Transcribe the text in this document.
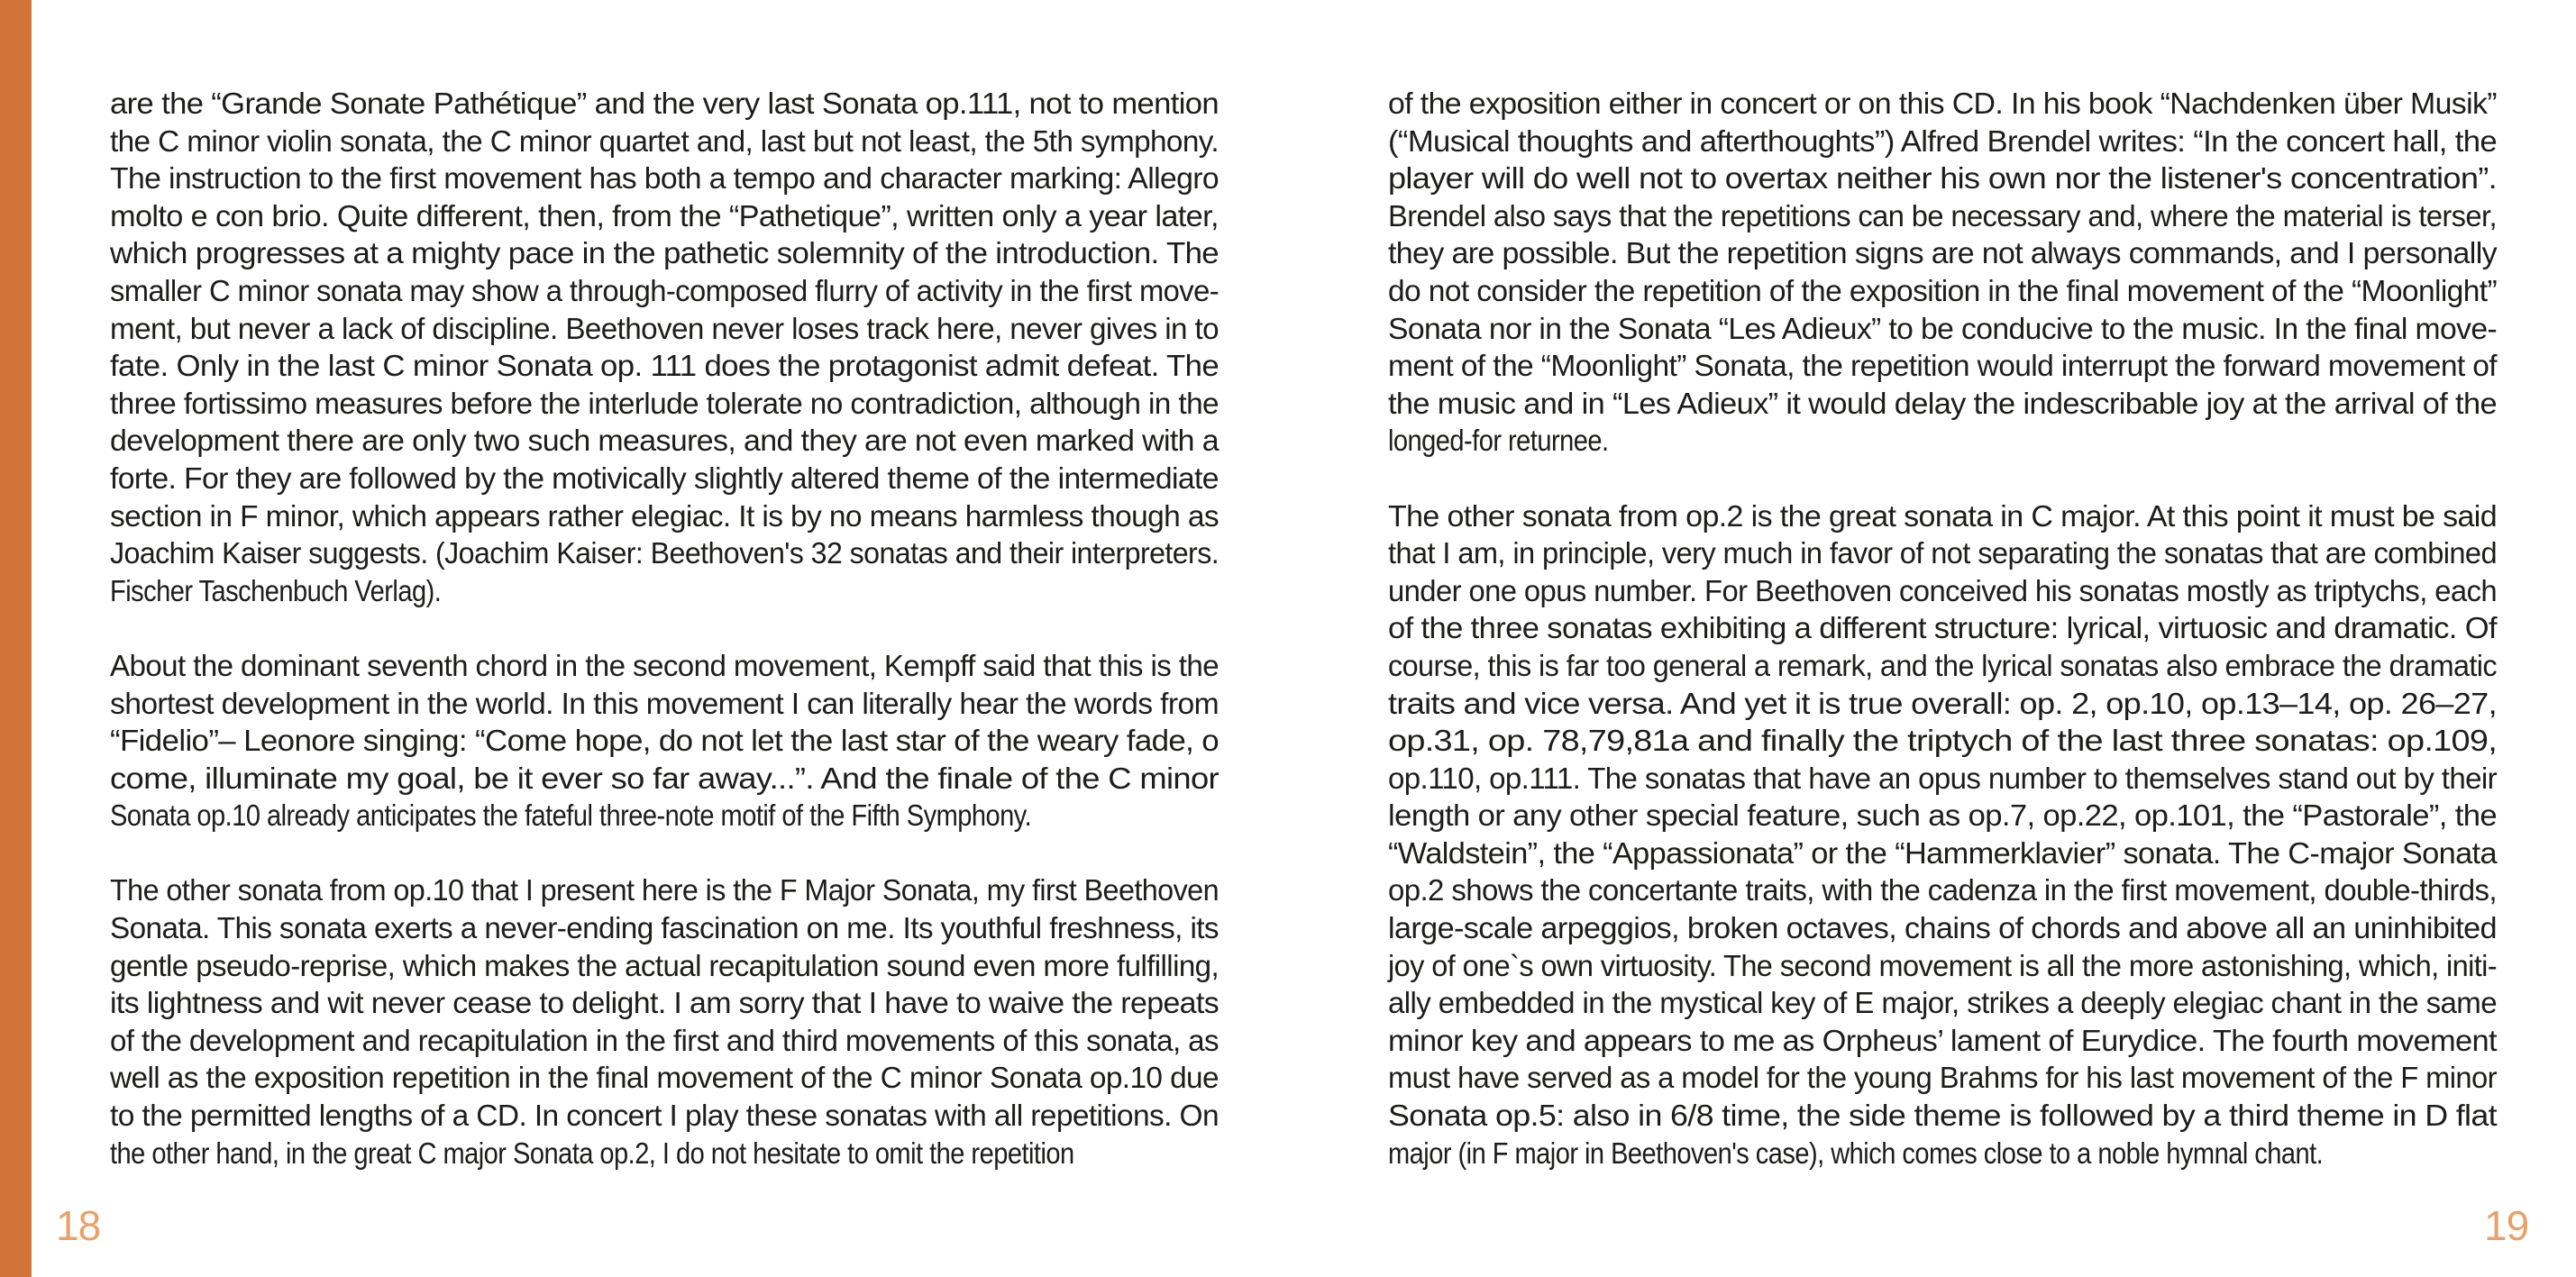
are the “Grande Sonate Pathétique” and the very last Sonata op.111, not to mention
the C minor violin sonata, the C minor quartet and, last but not least, the 5th symphony.
The instruction to the first movement has both a tempo and character marking: Allegro
molto e con brio. Quite different, then, from the “Pathetique”, written only a year later,
which progresses at a mighty pace in the pathetic solemnity of the introduction. The
smaller C minor sonata may show a through-composed flurry of activity in the first move-
ment, but never a lack of discipline. Beethoven never loses track here, never gives in to
fate. Only in the last C minor Sonata op. 111 does the protagonist admit defeat. The
three fortissimo measures before the interlude tolerate no contradiction, although in the
development there are only two such measures, and they are not even marked with a
forte. For they are followed by the motivically slightly altered theme of the intermediate
section in F minor, which appears rather elegiac. It is by no means harmless though as
Joachim Kaiser suggests. (Joachim Kaiser: Beethoven's 32 sonatas and their interpreters.
Fischer Taschenbuch Verlag).
About the dominant seventh chord in the second movement, Kempff said that this is the
shortest development in the world. In this movement I can literally hear the words from
“Fidelio”– Leonore singing: “Come hope, do not let the last star of the weary fade, o
come, illuminate my goal, be it ever so far away...”. And the finale of the C minor
Sonata op.10 already anticipates the fateful three-note motif of the Fifth Symphony.
The other sonata from op.10 that I present here is the F Major Sonata, my first Beethoven
Sonata. This sonata exerts a never-ending fascination on me. Its youthful freshness, its
gentle pseudo-reprise, which makes the actual recapitulation sound even more fulfilling,
its lightness and wit never cease to delight. I am sorry that I have to waive the repeats
of the development and recapitulation in the first and third movements of this sonata, as
well as the exposition repetition in the final movement of the C minor Sonata op.10 due
to the permitted lengths of a CD. In concert I play these sonatas with all repetitions. On
the other hand, in the great C major Sonata op.2, I do not hesitate to omit the repetition
of the exposition either in concert or on this CD. In his book “Nachdenken über Musik”
(“Musical thoughts and afterthoughts”) Alfred Brendel writes: “In the concert hall, the
player will do well not to overtax neither his own nor the listener's concentration”.
Brendel also says that the repetitions can be necessary and, where the material is terser,
they are possible. But the repetition signs are not always commands, and I personally
do not consider the repetition of the exposition in the final movement of the “Moonlight”
Sonata nor in the Sonata “Les Adieux” to be conducive to the music. In the final move-
ment of the “Moonlight” Sonata, the repetition would interrupt the forward movement of
the music and in “Les Adieux” it would delay the indescribable joy at the arrival of the
longed-for returnee.
The other sonata from op.2 is the great sonata in C major. At this point it must be said
that I am, in principle, very much in favor of not separating the sonatas that are combined
under one opus number. For Beethoven conceived his sonatas mostly as triptychs, each
of the three sonatas exhibiting a different structure: lyrical, virtuosic and dramatic. Of
course, this is far too general a remark, and the lyrical sonatas also embrace the dramatic
traits and vice versa. And yet it is true overall: op. 2, op.10, op.13–14, op. 26–27,
op.31, op. 78,79,81a and finally the triptych of the last three sonatas: op.109,
op.110, op.111. The sonatas that have an opus number to themselves stand out by their
length or any other special feature, such as op.7, op.22, op.101, the “Pastorale”, the
“Waldstein”, the “Appassionata” or the “Hammerklavier” sonata. The C-major Sonata
op.2 shows the concertante traits, with the cadenza in the first movement, double-thirds,
large-scale arpeggios, broken octaves, chains of chords and above all an uninhibited
joy of one`s own virtuosity. The second movement is all the more astonishing, which, initi-
ally embedded in the mystical key of E major, strikes a deeply elegiac chant in the same
minor key and appears to me as Orpheus’ lament of Eurydice. The fourth movement
must have served as a model for the young Brahms for his last movement of the F minor
Sonata op.5: also in 6/8 time, the side theme is followed by a third theme in D flat
major (in F major in Beethoven's case), which comes close to a noble hymnal chant.
18	19
